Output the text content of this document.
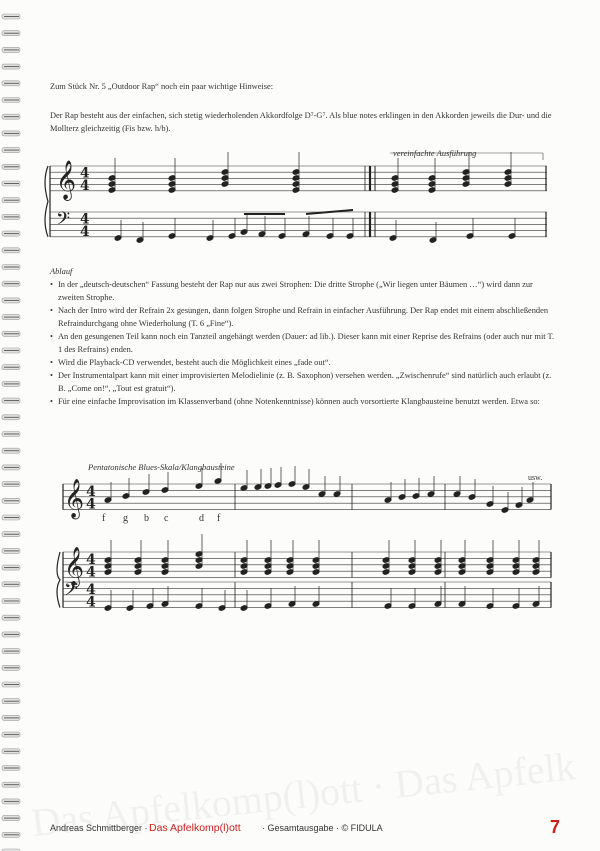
Zum Stück Nr. 5 „Outdoor Rap“ noch ein paar wichtige Hinweise:

Der Rap besteht aus der einfachen, sich stetig wiederholenden Akkordfolge D⁷-G⁷. Als blue notes erklingen in den Akkorden jeweils die Dur- und die Mollterz gleichzeitig (Fis bzw. h/b).

vereinfachte Ausführung
𝄞
𝄢
4
4
4
4

Ablauf

• In der „deutsch-deutschen“ Fassung besteht der Rap nur aus zwei Strophen: Die dritte Strophe („Wir liegen unter Bäumen …“) wird dann zur zweiten Strophe.
• Nach der Intro wird der Refrain 2x gesungen, dann folgen Strophe und Refrain in einfacher Ausführung. Der Rap endet mit einem abschließenden Refraindurchgang ohne Wiederholung (T. 6 „Fine“).
• An den gesungenen Teil kann noch ein Tanzteil angehängt werden (Dauer: ad lib.). Dieser kann mit einer Reprise des Refrains (oder auch nur mit T. 1 des Refrains) enden.
• Wird die Playback-CD verwendet, besteht auch die Möglichkeit eines „fade out“.
• Der Instrumentalpart kann mit einer improvisierten Melodielinie (z. B. Saxophon) versehen werden. „Zwischenrufe“ sind natürlich auch erlaubt (z. B. „Come on!“, „Tout est gratuit“).
• Für eine einfache Improvisation im Klassenverband (ohne Notenkenntnisse) können auch vorsortierte Klangbausteine benutzt werden. Etwa so:
Pentatonische Blues-Skala/Klangbausteine
usw.
f g b c	d f
𝄞
𝄞
𝄢
4
4
4
4
4
4
Andreas Schmittberger · Das Apfelkomp(l)ott · Gesamtausgabe · © FIDULA	7
